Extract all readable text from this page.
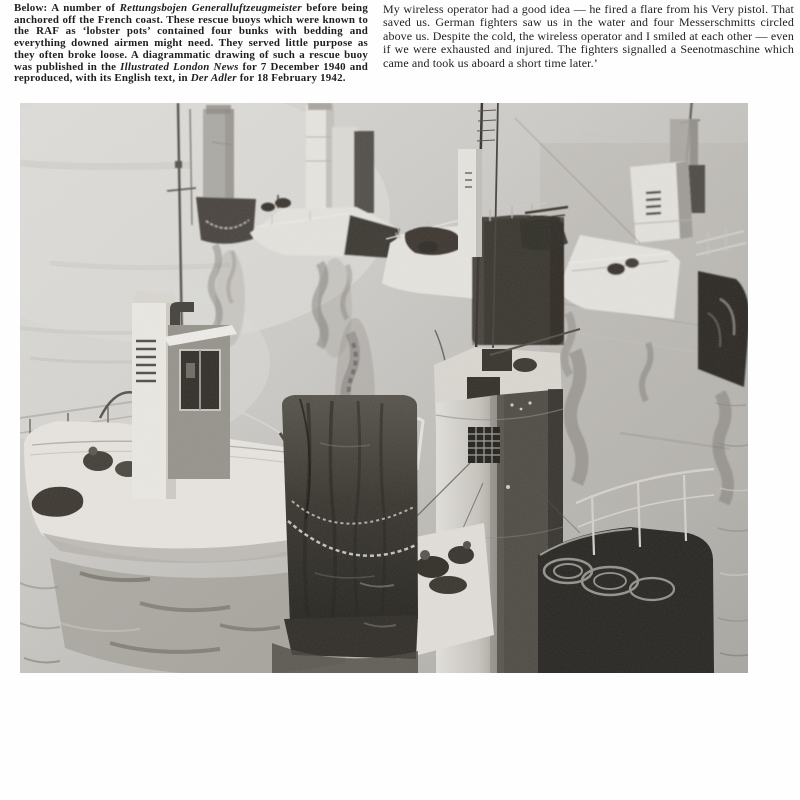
Below: A number of Rettungsbojen Generalluftzeugmeister before being anchored off the French coast. These rescue buoys which were known to the RAF as ‘lobster pots’ contained four bunks with bedding and everything downed airmen might need. They served little purpose as they often broke loose. A diagrammatic drawing of such a rescue buoy was published in the Illustrated London News for 7 December 1940 and reproduced, with its English text, in Der Adler for 18 February 1942.

My wireless operator had a good idea — he fired a flare from his Very pistol. That saved us. German fighters saw us in the water and four Messerschmitts circled above us. Despite the cold, the wireless operator and I smiled at each other — even if we were exhausted and injured. The fighters signalled a Seenotmaschine which came and took us aboard a short time later.’
